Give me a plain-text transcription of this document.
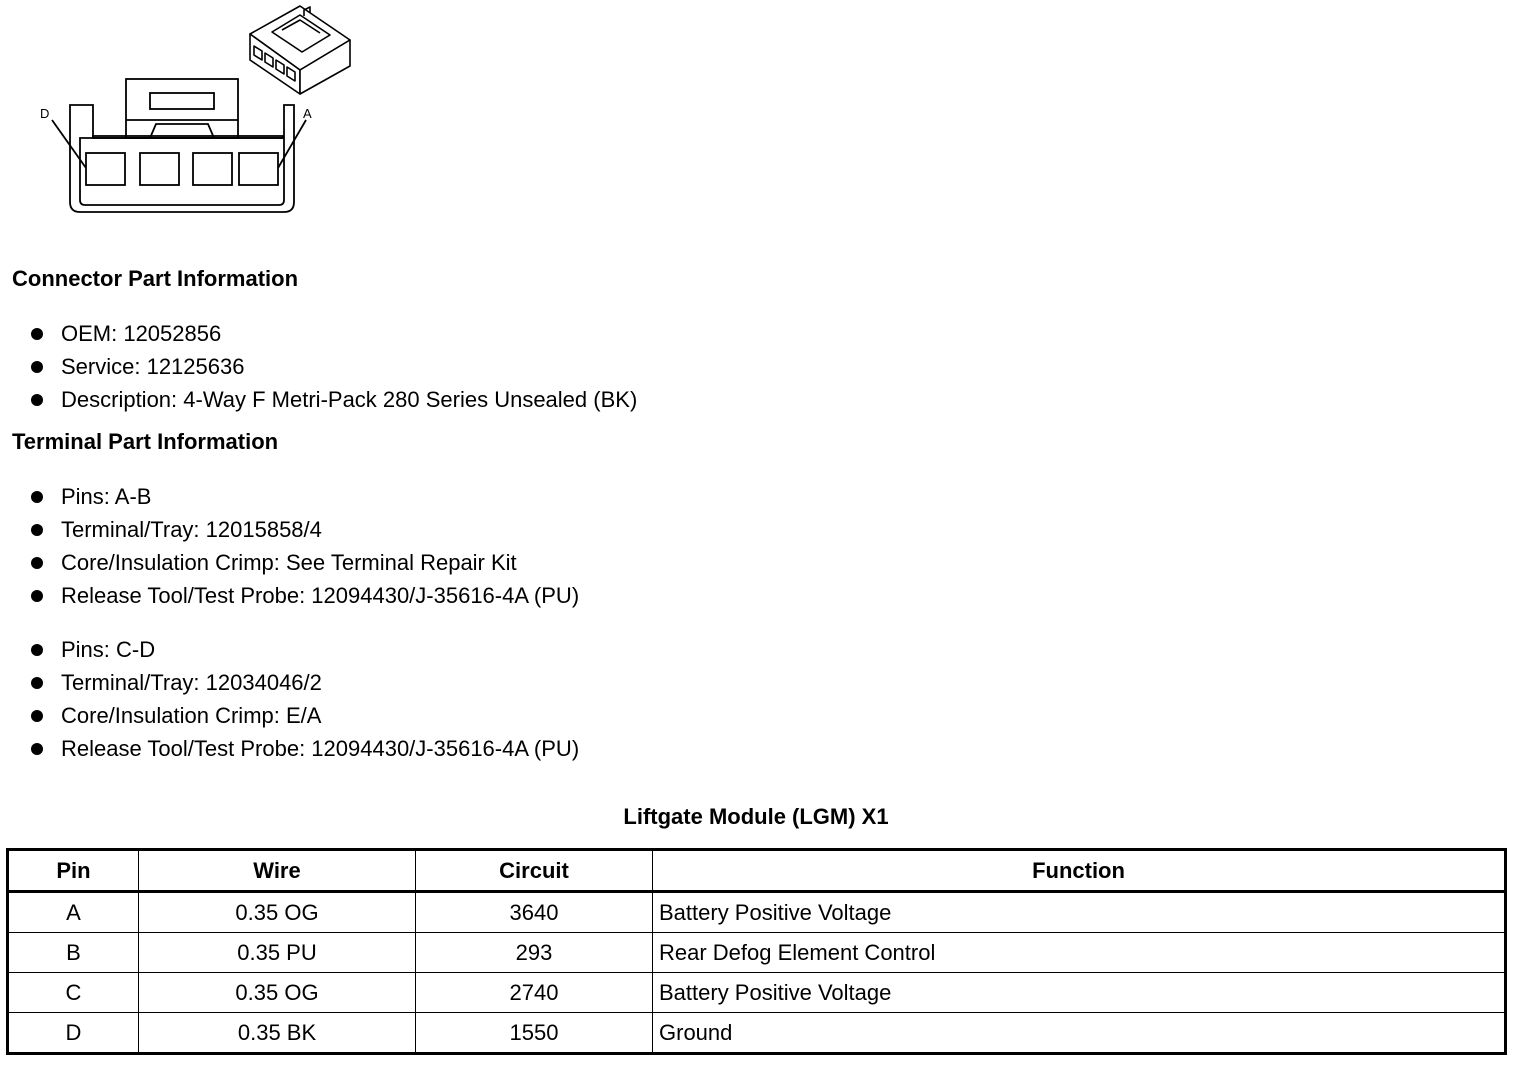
D	A
Connector Part Information
OEM: 12052856
Service: 12125636
Description: 4-Way F Metri-Pack 280 Series Unsealed (BK)
Terminal Part Information
Pins: A-B
Terminal/Tray: 12015858/4
Core/Insulation Crimp: See Terminal Repair Kit
Release Tool/Test Probe: 12094430/J-35616-4A (PU)
Pins: C-D
Terminal/Tray: 12034046/2
Core/Insulation Crimp: E/A
Release Tool/Test Probe: 12094430/J-35616-4A (PU)
Liftgate Module (LGM) X1
Pin	Wire	Circuit	Function
A	0.35 OG	3640	Battery Positive Voltage
B	0.35 PU	293	Rear Defog Element Control
C	0.35 OG	2740	Battery Positive Voltage
D	0.35 BK	1550	Ground
